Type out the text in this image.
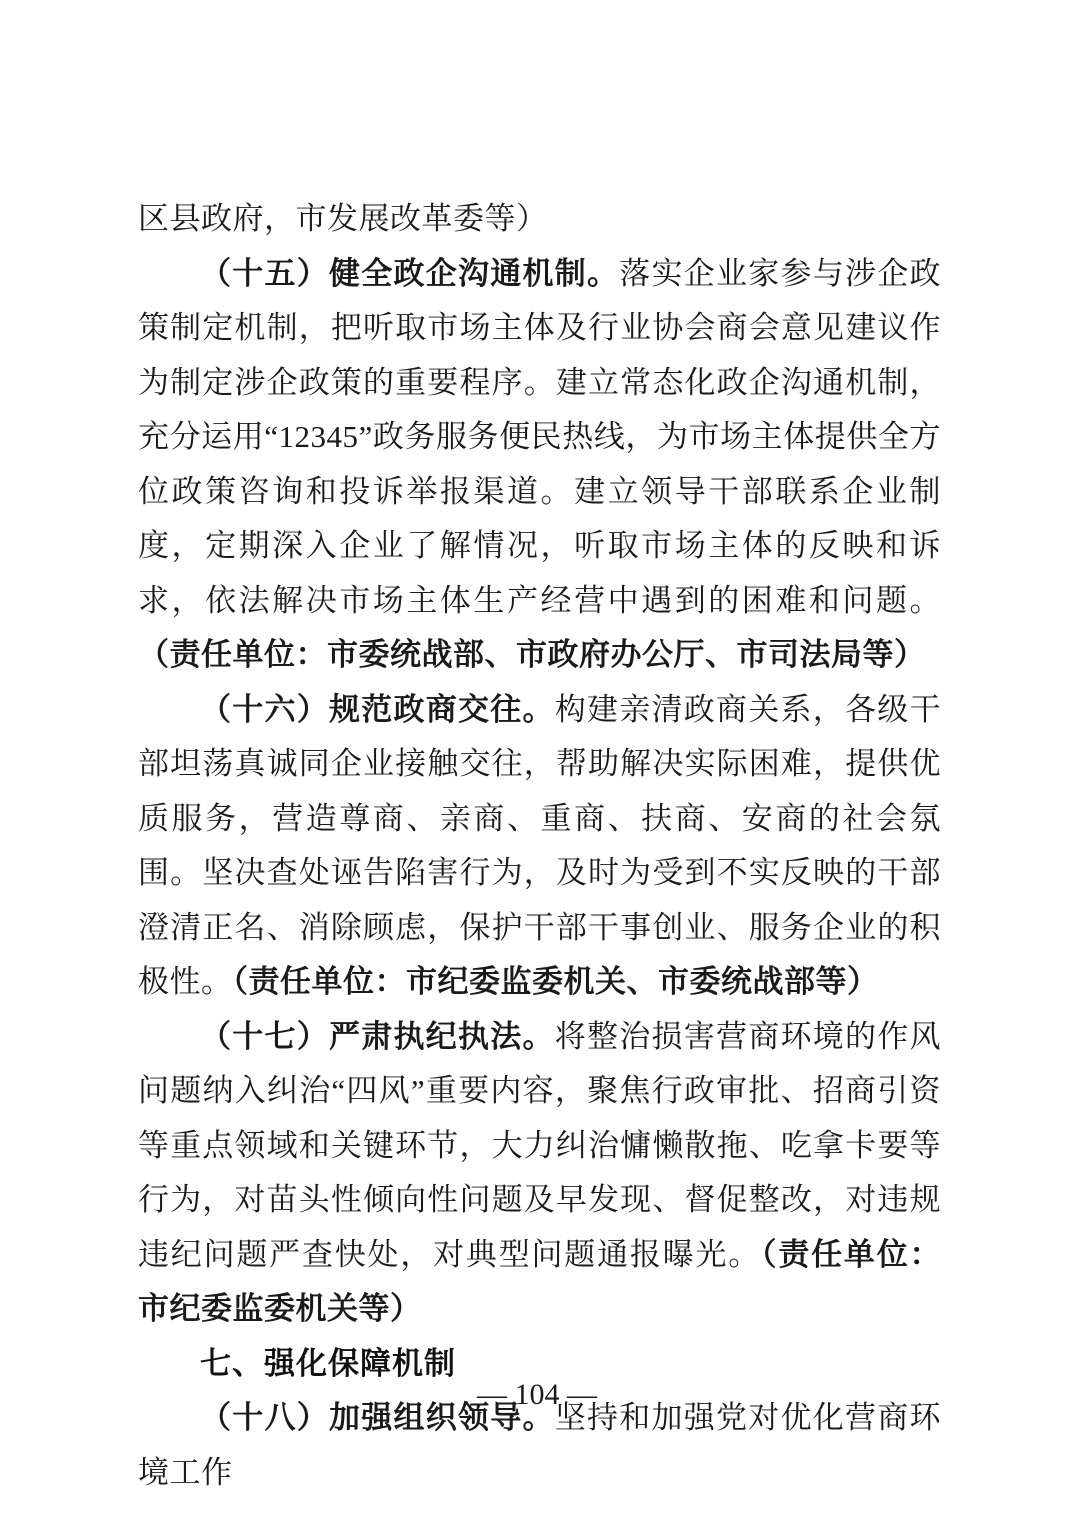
区县政府，市发展改革委等）

（十五）健全政企沟通机制。落实企业家参与涉企政策制定机制，把听取市场主体及行业协会商会意见建议作为制定涉企政策的重要程序。建立常态化政企沟通机制，充分运用“12345”政务服务便民热线，为市场主体提供全方位政策咨询和投诉举报渠道。建立领导干部联系企业制度，定期深入企业了解情况，听取市场主体的反映和诉求，依法解决市场主体生产经营中遇到的困难和问题。（责任单位：市委统战部、市政府办公厅、市司法局等）

（十六）规范政商交往。构建亲清政商关系，各级干部坦荡真诚同企业接触交往，帮助解决实际困难，提供优质服务，营造尊商、亲商、重商、扶商、安商的社会氛围。坚决查处诬告陷害行为，及时为受到不实反映的干部澄清正名、消除顾虑，保护干部干事创业、服务企业的积极性。（责任单位：市纪委监委机关、市委统战部等）

（十七）严肃执纪执法。将整治损害营商环境的作风问题纳入纠治“四风”重要内容，聚焦行政审批、招商引资等重点领域和关键环节，大力纠治慵懒散拖、吃拿卡要等行为，对苗头性倾向性问题及早发现、督促整改，对违规违纪问题严查快处，对典型问题通报曝光。（责任单位：市纪委监委机关等）

七、强化保障机制

（十八）加强组织领导。坚持和加强党对优化营商环境工作

— 104 —
